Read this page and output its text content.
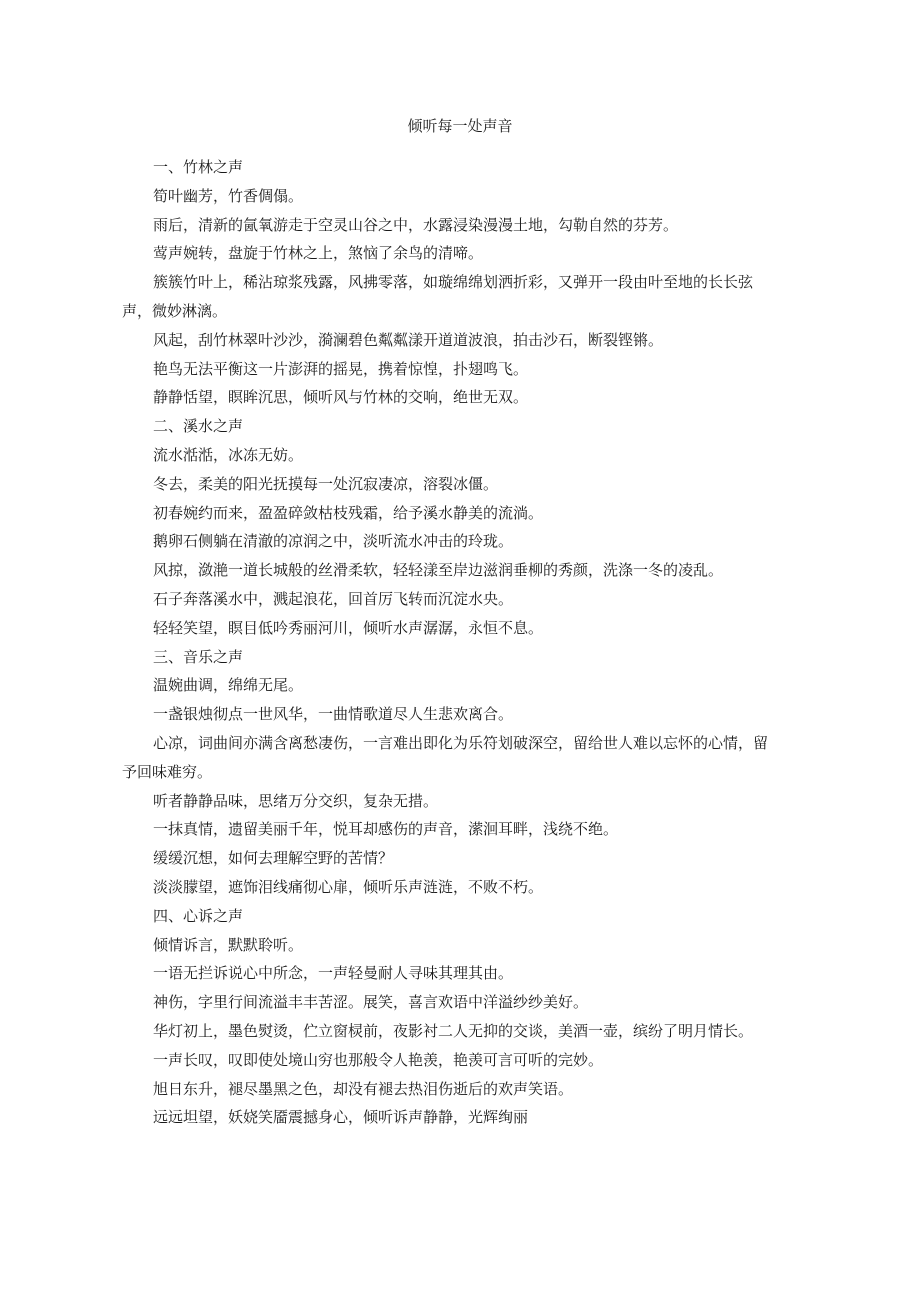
倾听每一处声音

一、竹林之声

筍叶幽芳，竹香倜傝。

雨后，清新的氤氧游走于空灵山谷之中，水露浸染漫漫土地，勾勒自然的芬芳。

莺声婉转，盘旋于竹林之上，煞恼了余鸟的清啼。

簇簇竹叶上，稀沾琼浆残露，风拂零落，如璇绵绵划洒折彩，又弹开一段由叶至地的长长弦声，微妙淋漓。

风起，刮竹林翠叶沙沙，漪澜碧色粼粼漾开道道波浪，拍击沙石，断裂铿锵。

艳鸟无法平衡这一片澎湃的摇晃，携着惊惶，扑翅鸣飞。

静静恬望，瞑眸沉思，倾听风与竹林的交响，绝世无双。

二、溪水之声

流水湉湉，冰冻无妨。

冬去，柔美的阳光抚摸每一处沉寂凄凉，溶裂冰僵。

初春婉约而来，盈盈碎敛枯枝残霜，给予溪水静美的流淌。

鹅卵石侧躺在清澈的凉润之中，淡听流水冲击的玲珑。

风掠，潋滟一道长城般的丝滑柔软，轻轻漾至岸边滋润垂柳的秀颜，洗涤一冬的凌乱。

石子奔落溪水中，溅起浪花，回首厉飞转而沉淀水央。

轻轻笑望，瞑目低吟秀丽河川，倾听水声潺潺，永恒不息。

三、音乐之声

温婉曲调，绵绵无尾。

一盏银烛彻点一世风华，一曲情歌道尽人生悲欢离合。

心凉，词曲间亦满含离愁凄伤，一言难出即化为乐符划破深空，留给世人难以忘怀的心情，留予回味难穷。

听者静静品味，思绪万分交织，复杂无措。

一抹真情，遗留美丽千年，悦耳却感伤的声音，潆洄耳畔，浅绕不绝。

缓缓沉想，如何去理解空野的苦情？

淡淡朦望，遮饰泪线痛彻心扉，倾听乐声涟涟，不败不朽。

四、心诉之声

倾情诉言，默默聆听。

一语无拦诉说心中所念，一声轻曼耐人寻味其理其由。

神伤，字里行间流溢丰丰苦涩。展笑，喜言欢语中洋溢纱纱美好。

华灯初上，墨色熨烫，伫立窗棂前，夜影衬二人无抑的交谈，美酒一壶，缤纷了明月情长。

一声长叹，叹即使处境山穷也那般令人艳羡，艳羡可言可听的完妙。

旭日东升，褪尽墨黑之色，却没有褪去热泪伤逝后的欢声笑语。

远远坦望，妖娆笑靥震撼身心，倾听诉声静静，光辉绚丽
